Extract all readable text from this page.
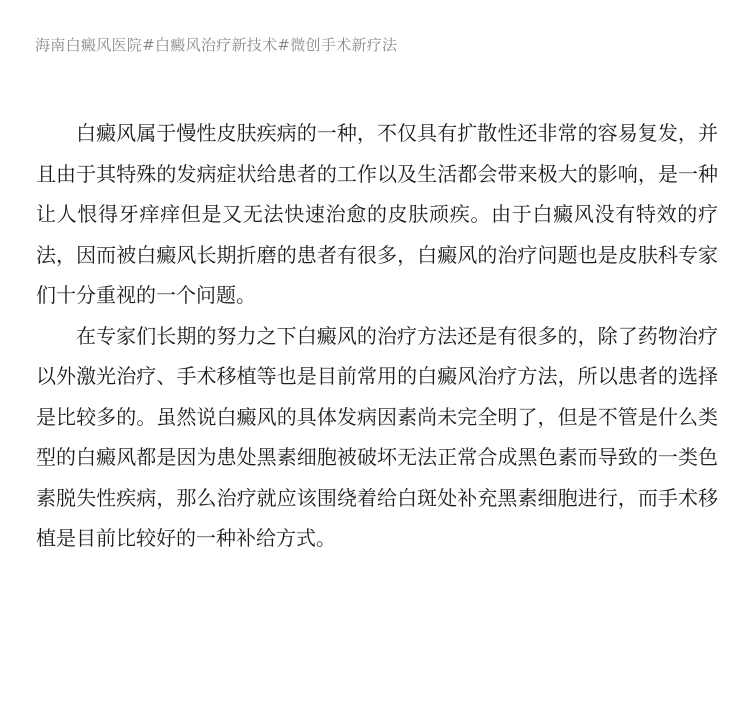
海南白癜风医院#白癜风治疗新技术#微创手术新疗法

白癜风属于慢性皮肤疾病的一种，不仅具有扩散性还非常的容易复发，并且由于其特殊的发病症状给患者的工作以及生活都会带来极大的影响，是一种让人恨得牙痒痒但是又无法快速治愈的皮肤顽疾。由于白癜风没有特效的疗法，因而被白癜风长期折磨的患者有很多，白癜风的治疗问题也是皮肤科专家们十分重视的一个问题。

在专家们长期的努力之下白癜风的治疗方法还是有很多的，除了药物治疗以外激光治疗、手术移植等也是目前常用的白癜风治疗方法，所以患者的选择是比较多的。虽然说白癜风的具体发病因素尚未完全明了，但是不管是什么类型的白癜风都是因为患处黑素细胞被破坏无法正常合成黑色素而导致的一类色素脱失性疾病，那么治疗就应该围绕着给白斑处补充黑素细胞进行，而手术移植是目前比较好的一种补给方式。
